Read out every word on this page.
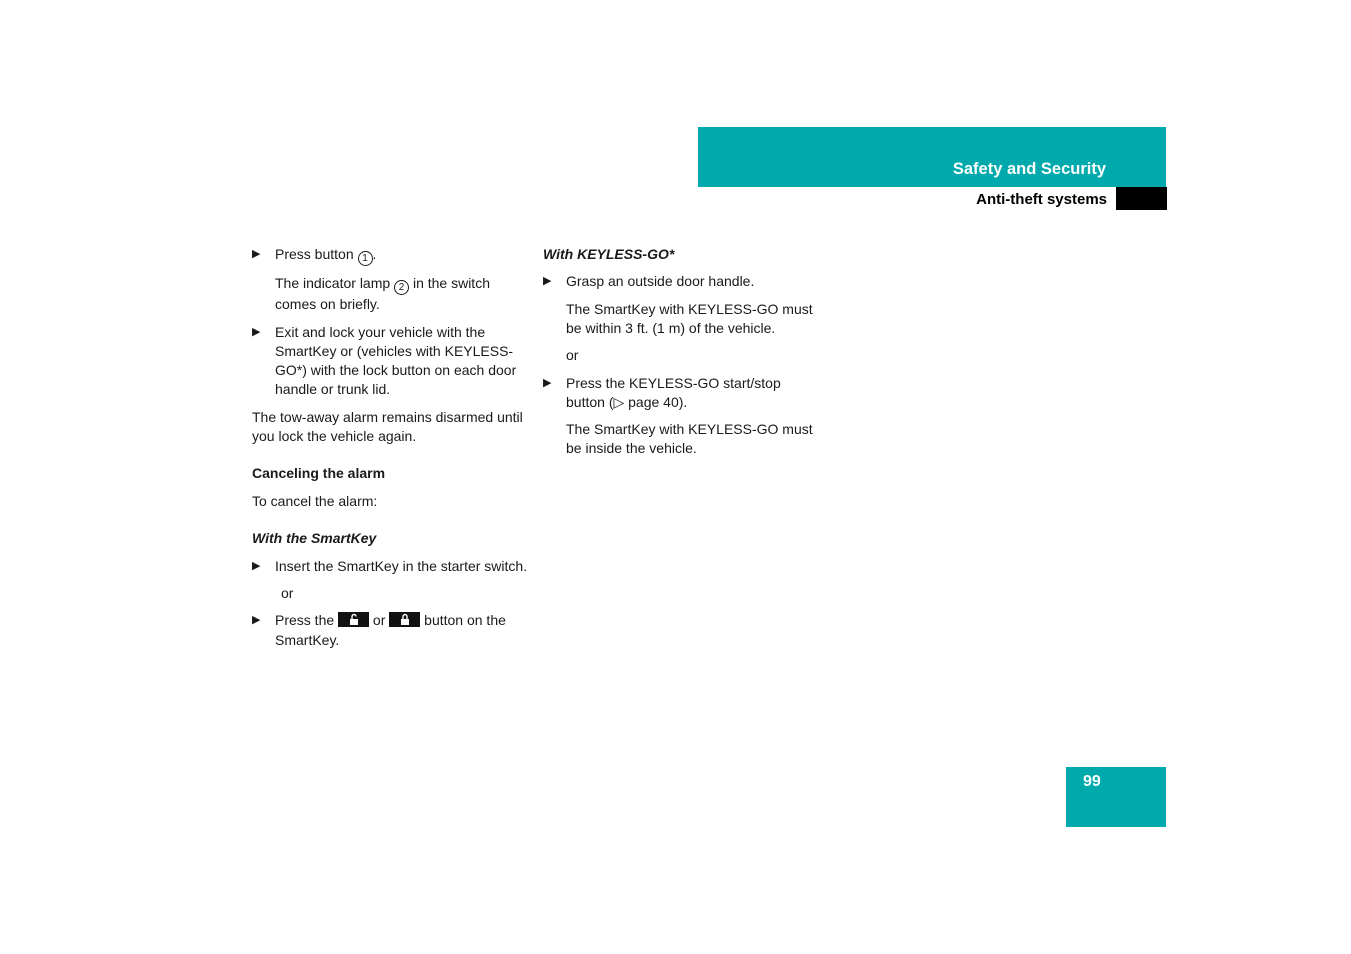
Safety and Security
Anti-theft systems
▶ Press button 1 .
The indicator lamp 2 in the switch comes on briefly.
▶ Exit and lock your vehicle with the SmartKey or (vehicles with KEYLESS-GO*) with the lock button on each door handle or trunk lid.
The tow-away alarm remains disarmed until you lock the vehicle again.
Canceling the alarm
To cancel the alarm:
With the SmartKey
▶ Insert the SmartKey in the starter switch.
or
▶ Press the
or
button on the SmartKey.
With KEYLESS-GO*
▶ Grasp an outside door handle.
The SmartKey with KEYLESS-GO must be within 3 ft. (1 m) of the vehicle.
or
▶ Press the KEYLESS-GO start/stop button (▷ page 40).
The SmartKey with KEYLESS-GO must be inside the vehicle.
99
